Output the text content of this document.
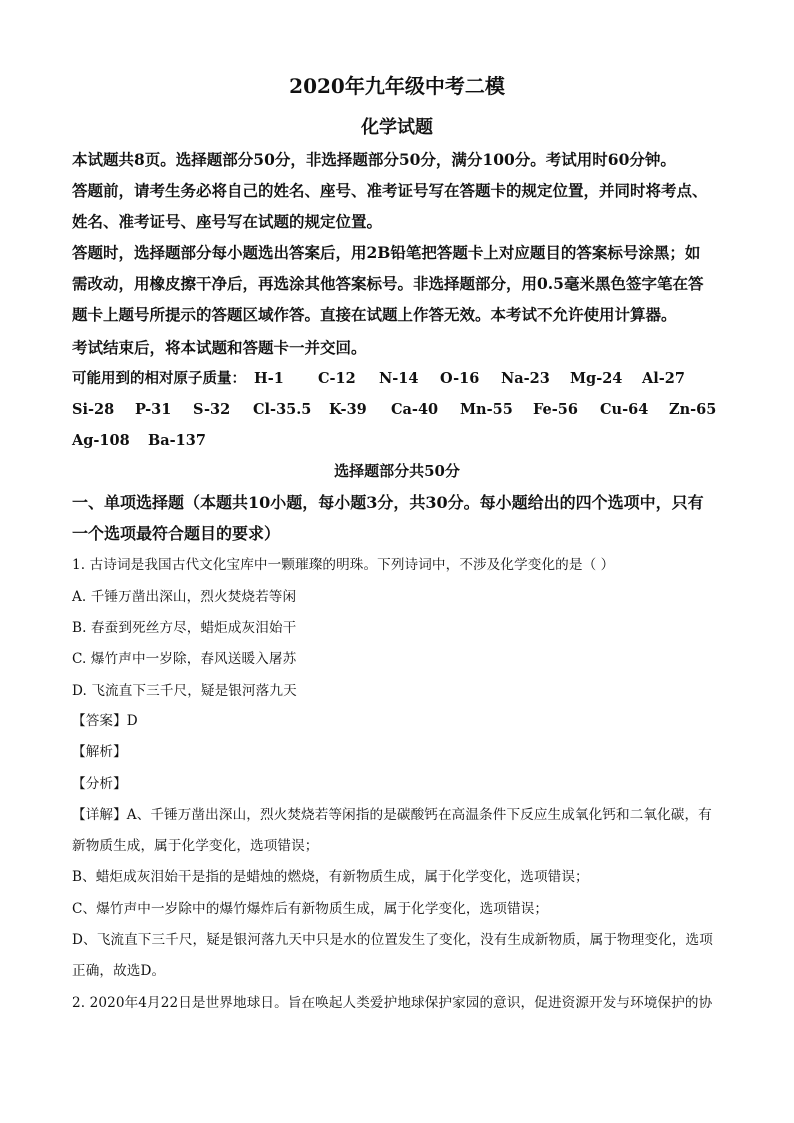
2020年九年级中考二模
化学试题
本试题共8页。选择题部分50分，非选择题部分50分，满分100分。考试用时60分钟。
答题前，请考生务必将自己的姓名、座号、准考证号写在答题卡的规定位置，并同时将考点、
姓名、准考证号、座号写在试题的规定位置。
答题时，选择题部分每小题选出答案后，用2B铅笔把答题卡上对应题目的答案标号涂黑；如
需改动，用橡皮擦干净后，再选涂其他答案标号。非选择题部分，用0.5毫米黑色签字笔在答
题卡上题号所提示的答题区域作答。直接在试题上作答无效。本考试不允许使用计算器。
考试结束后，将本试题和答题卡一并交回。
可能用到的相对原子质量： H-1 C-12 N-14 O-16 Na-23 Mg-24 Al-27
Si-28 P-31 S-32 Cl-35.5 K-39 Ca-40 Mn-55 Fe-56 Cu-64 Zn-65
Ag-108 Ba-137
选择题部分共50分
一、单项选择题（本题共10小题，每小题3分，共30分。每小题给出的四个选项中，只有
一个选项最符合题目的要求）
1. 古诗词是我国古代文化宝库中一颗璀璨的明珠。下列诗词中，不涉及化学变化的是（ ）
A. 千锤万凿出深山，烈火焚烧若等闲
B. 春蚕到死丝方尽，蜡炬成灰泪始干
C. 爆竹声中一岁除，春风送暖入屠苏
D. 飞流直下三千尺，疑是银河落九天
【答案】D
【解析】
【分析】
【详解】A、千锤万凿出深山，烈火焚烧若等闲指的是碳酸钙在高温条件下反应生成氧化钙和二氧化碳，有
新物质生成，属于化学变化，选项错误；
B、蜡炬成灰泪始干是指的是蜡烛的燃烧，有新物质生成，属于化学变化，选项错误；
C、爆竹声中一岁除中的爆竹爆炸后有新物质生成，属于化学变化，选项错误；
D、飞流直下三千尺，疑是银河落九天中只是水的位置发生了变化，没有生成新物质，属于物理变化，选项
正确，故选D。
2. 2020年4月22日是世界地球日。旨在唤起人类爱护地球保护家园的意识，促进资源开发与环境保护的协
